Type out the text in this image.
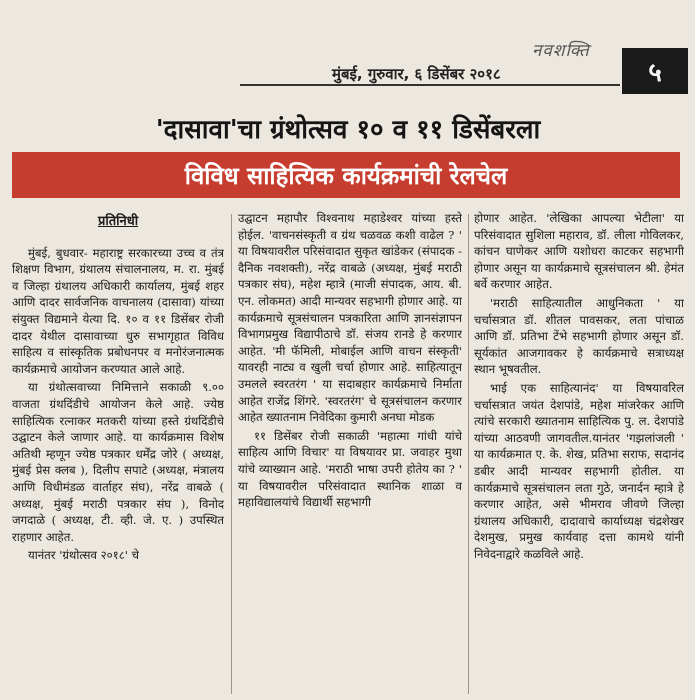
नवशक्ति

मुंबई, गुरुवार, ६ डिसेंबर २०१८	५
'दासावा'चा ग्रंथोत्सव १० व ११ डिसेंबरला
विविध साहित्यिक कार्यक्रमांची रेलचेल
प्रतिनिधी

मुंबई, बुधवार- महाराष्ट्र सरकारच्या उच्च व तंत्र शिक्षण विभाग, ग्रंथालय संचालनालय, म. रा. मुंबई व जिल्हा ग्रंथालय अधिकारी कार्यालय, मुंबई शहर आणि दादर सार्वजनिक वाचनालय (दासावा) यांच्या संयुक्त विद्यमाने येत्या दि. १० व ११ डिसेंबर रोजी दादर येथील दासावाच्या धुरु सभागृहात विविध साहित्य व सांस्कृतिक प्रबोधनपर व मनोरंजनात्मक कार्यक्रमाचे आयोजन करण्यात आले आहे.

या ग्रंथोत्सवाच्या निमित्ताने सकाळी ९.०० वाजता ग्रंथदिंडीचे आयोजन केले आहे. ज्येष्ठ साहित्यिक रत्नाकर मतकरी यांच्या हस्ते ग्रंथदिंडीचे उद्घाटन केले जाणार आहे. या कार्यक्रमास विशेष अतिथी म्हणून ज्येष्ठ पत्रकार धर्मेंद्र जोरे ( अध्यक्ष, मुंबई प्रेस क्लब ), दिलीप सपाटे (अध्यक्ष, मंत्रालय आणि विधीमंडळ वार्ताहर संघ), नरेंद्र वाबळे ( अध्यक्ष, मुंबई मराठी पत्रकार संघ ), विनोद जगदाळे ( अध्यक्ष, टी. व्ही. जे. ए. ) उपस्थित राहणार आहेत.

यानंतर 'ग्रंथोत्सव २०१८' चे

उद्घाटन महापौर विश्वनाथ महाडेश्वर यांच्या हस्ते होईल. 'वाचनसंस्कृती व ग्रंथ चळवळ कशी वाढेल ? ' या विषयावरील परिसंवादात सुकृत खांडेकर (संपादक - दैनिक नवशक्ती), नरेंद्र वाबळे (अध्यक्ष, मुंबई मराठी पत्रकार संघ), महेश म्हात्रे (माजी संपादक, आय. बी. एन. लोकमत) आदी मान्यवर सहभागी होणार आहे. या कार्यक्रमाचे सूत्रसंचालन पत्रकारिता आणि ज्ञानसंज्ञापन विभागप्रमुख विद्यापीठाचे डॉ. संजय रानडे हे करणार आहेत. 'मी फॅमिली, मोबाईल आणि वाचन संस्कृती' यावरही नाट्य व खुली चर्चा होणार आहे. साहित्यातून उमलले स्वरतरंग ' या सदाबहार कार्यक्रमाचे निर्माता आहेत राजेंद्र शिंगरे. 'स्वरतरंग' चे सूत्रसंचालन करणार आहेत ख्यातनाम निवेदिका कुमारी अनघा मोडक

११ डिसेंबर रोजी सकाळी 'महात्मा गांधी यांचे साहित्य आणि विचार' या विषयावर प्रा. जवाहर मुथा यांचे व्याख्यान आहे. 'मराठी भाषा उपरी होतेय का ? ' या विषयावरील परिसंवादात स्थानिक शाळा व महाविद्यालयांचे विद्यार्थी सहभागी

होणार आहेत. 'लेखिका आपल्या भेटीला' या परिसंवादात सुशिला महाराव, डॉ. लीला गोविलकर, कांचन घाणेकर आणि यशोधरा काटकर सहभागी होणार असून या कार्यक्रमाचे सूत्रसंचालन श्री. हेमंत बर्वे करणार आहेत.

'मराठी साहित्यातील आधुनिकता ' या चर्चासत्रात डॉ. शीतल पावसकर, लता पांचाळ आणि डॉ. प्रतिभा टेंभे सहभागी होणार असून डॉ. सूर्यकांत आजगावकर हे कार्यक्रमाचे सत्राध्यक्ष स्थान भूषवतील.

भाई एक साहित्यानंद' या विषयावरिल चर्चासत्रात जयंत देशपांडे, महेश मांजरेकर आणि त्यांचे सरकारी ख्यातनाम साहित्यिक पु. ल. देशपांडे यांच्या आठवणी जागवतील.यानंतर 'गझलांजली ' या कार्यक्रमात ए. के. शेख, प्रतिभा सराफ, सदानंद डबीर आदी मान्यवर सहभागी होतील. या कार्यक्रमाचे सूत्रसंचालन लता गुठे, जनार्दन म्हात्रे हे करणार आहेत, असे भीमराव जीवणे जिल्हा ग्रंथालय अधिकारी, दादावाचे कार्याध्यक्ष चंद्रशेखर देशमुख, प्रमुख कार्यवाह दत्ता कामथे यांनी निवेदनाद्वारे कळविले आहे.
